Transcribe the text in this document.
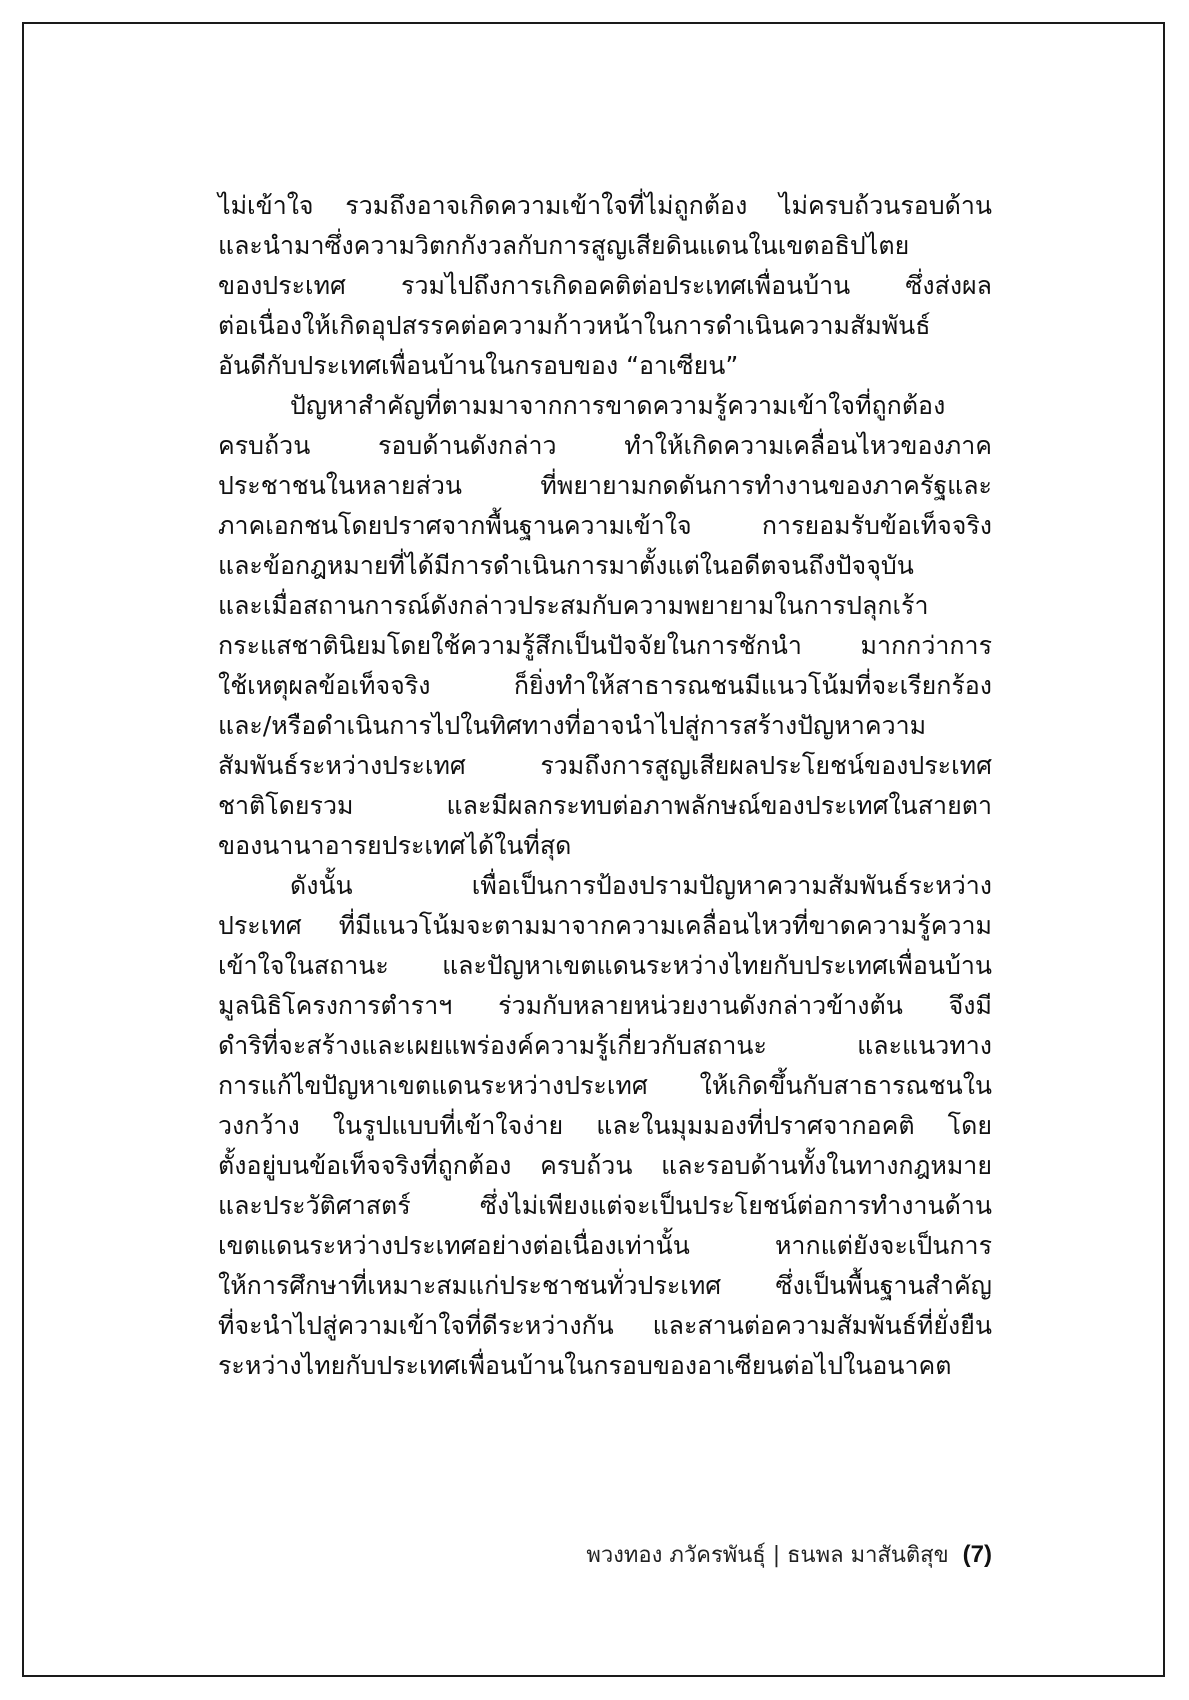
ไม่เข้าใจ รวมถึงอาจเกิดความเข้าใจที่ไม่ถูกต้อง ไม่ครบถ้วนรอบด้าน
และนำมาซึ่งความวิตกกังวลกับการสูญเสียดินแดนในเขตอธิปไตย
ของประเทศ รวมไปถึงการเกิดอคติต่อประเทศเพื่อนบ้าน ซึ่งส่งผล
ต่อเนื่องให้เกิดอุปสรรคต่อความก้าวหน้าในการดำเนินความสัมพันธ์
อันดีกับประเทศเพื่อนบ้านในกรอบของ “อาเซียน”
ปัญหาสำคัญที่ตามมาจากการขาดความรู้ความเข้าใจที่ถูกต้อง
ครบถ้วน รอบด้านดังกล่าว ทำให้เกิดความเคลื่อนไหวของภาค
ประชาชนในหลายส่วน ที่พยายามกดดันการทำงานของภาครัฐและ
ภาคเอกชนโดยปราศจากพื้นฐานความเข้าใจ การยอมรับข้อเท็จจริง
และข้อกฎหมายที่ได้มีการดำเนินการมาตั้งแต่ในอดีตจนถึงปัจจุบัน
และเมื่อสถานการณ์ดังกล่าวประสมกับความพยายามในการปลุกเร้า
กระแสชาตินิยมโดยใช้ความรู้สึกเป็นปัจจัยในการชักนำ มากกว่าการ
ใช้เหตุผลข้อเท็จจริง ก็ยิ่งทำให้สาธารณชนมีแนวโน้มที่จะเรียกร้อง
และ/หรือดำเนินการไปในทิศทางที่อาจนำไปสู่การสร้างปัญหาความ
สัมพันธ์ระหว่างประเทศ รวมถึงการสูญเสียผลประโยชน์ของประเทศ
ชาติโดยรวม และมีผลกระทบต่อภาพลักษณ์ของประเทศในสายตา
ของนานาอารยประเทศได้ในที่สุด
ดังนั้น เพื่อเป็นการป้องปรามปัญหาความสัมพันธ์ระหว่าง
ประเทศ ที่มีแนวโน้มจะตามมาจากความเคลื่อนไหวที่ขาดความรู้ความ
เข้าใจในสถานะ และปัญหาเขตแดนระหว่างไทยกับประเทศเพื่อนบ้าน
มูลนิธิโครงการตำราฯ ร่วมกับหลายหน่วยงานดังกล่าวข้างต้น จึงมี
ดำริที่จะสร้างและเผยแพร่องค์ความรู้เกี่ยวกับสถานะ และแนวทาง
การแก้ไขปัญหาเขตแดนระหว่างประเทศ ให้เกิดขึ้นกับสาธารณชนใน
วงกว้าง ในรูปแบบที่เข้าใจง่าย และในมุมมองที่ปราศจากอคติ โดย
ตั้งอยู่บนข้อเท็จจริงที่ถูกต้อง ครบถ้วน และรอบด้านทั้งในทางกฎหมาย
และประวัติศาสตร์ ซึ่งไม่เพียงแต่จะเป็นประโยชน์ต่อการทำงานด้าน
เขตแดนระหว่างประเทศอย่างต่อเนื่องเท่านั้น หากแต่ยังจะเป็นการ
ให้การศึกษาที่เหมาะสมแก่ประชาชนทั่วประเทศ ซึ่งเป็นพื้นฐานสำคัญ
ที่จะนำไปสู่ความเข้าใจที่ดีระหว่างกัน และสานต่อความสัมพันธ์ที่ยั่งยืน
ระหว่างไทยกับประเทศเพื่อนบ้านในกรอบของอาเซียนต่อไปในอนาคต
พวงทอง ภวัครพันธุ์ | ธนพล มาสันติสุข (7)
